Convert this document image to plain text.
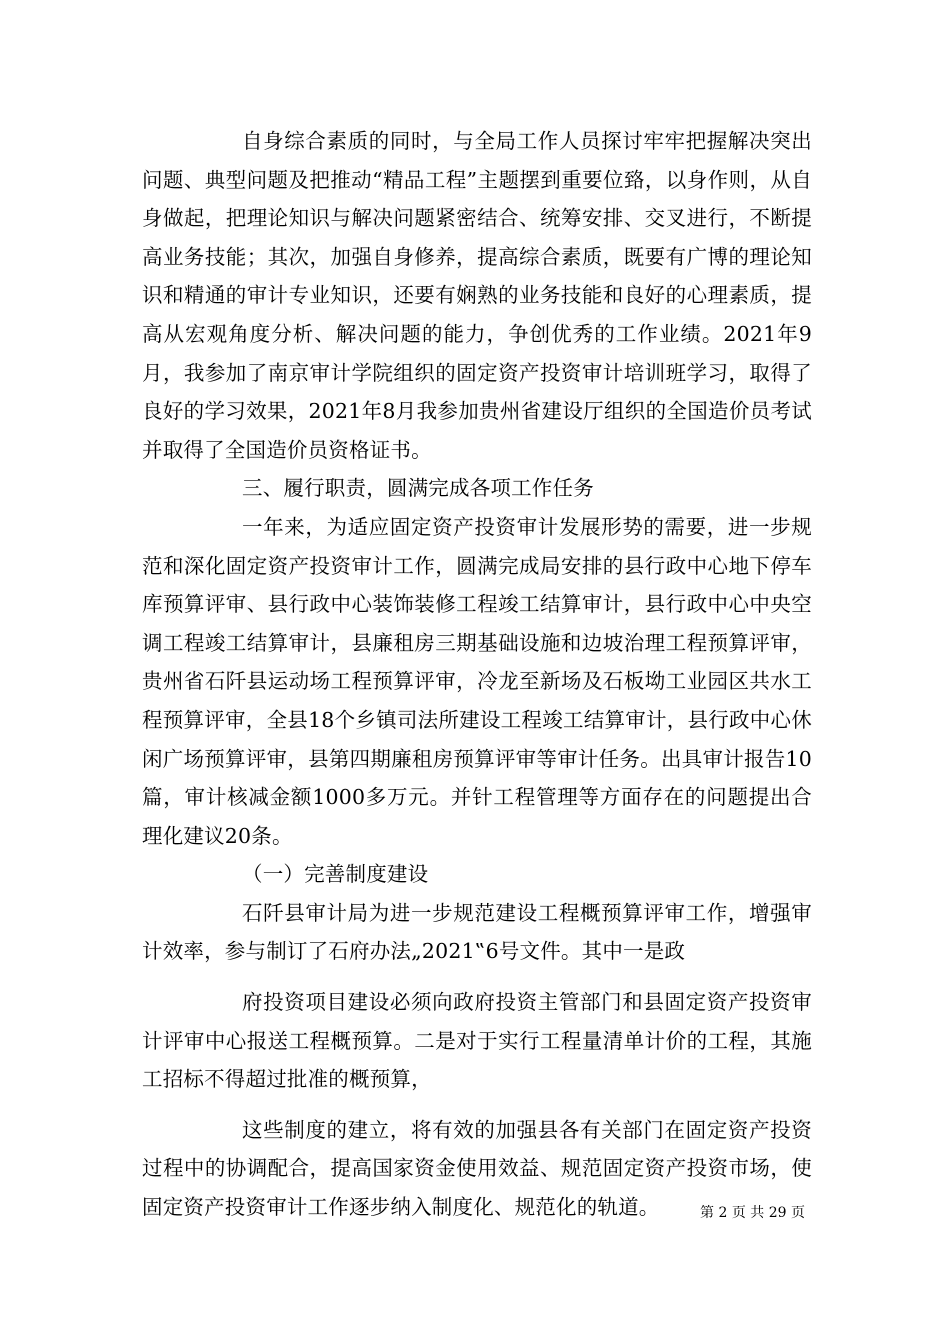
自身综合素质的同时，与全局工作人员探讨牢牢把握解决突出问题、典型问题及把推动“精品工程”主题摆到重要位臵，以身作则，从自身做起，把理论知识与解决问题紧密结合、统筹安排、交叉进行，不断提高业务技能；其次，加强自身修养，提高综合素质，既要有广博的理论知识和精通的审计专业知识，还要有娴熟的业务技能和良好的心理素质，提高从宏观角度分析、解决问题的能力，争创优秀的工作业绩。2021年9月，我参加了南京审计学院组织的固定资产投资审计培训班学习，取得了良好的学习效果，2021年8月我参加贵州省建设厅组织的全国造价员考试并取得了全国造价员资格证书。

三、履行职责，圆满完成各项工作任务

一年来，为适应固定资产投资审计发展形势的需要，进一步规范和深化固定资产投资审计工作，圆满完成局安排的县行政中心地下停车库预算评审、县行政中心装饰装修工程竣工结算审计，县行政中心中央空调工程竣工结算审计，县廉租房三期基础设施和边坡治理工程预算评审，贵州省石阡县运动场工程预算评审，冷龙至新场及石板坳工业园区共水工程预算评审，全县18个乡镇司法所建设工程竣工结算审计，县行政中心休闲广场预算评审，县第四期廉租房预算评审等审计任务。出具审计报告10篇，审计核减金额1000多万元。并针工程管理等方面存在的问题提出合理化建议20条。

（一）完善制度建设

石阡县审计局为进一步规范建设工程概预算评审工作，增强审计效率，参与制订了石府办法„2021‟6号文件。其中一是政

府投资项目建设必须向政府投资主管部门和县固定资产投资审计评审中心报送工程概预算。二是对于实行工程量清单计价的工程，其施工招标不得超过批准的概预算，

这些制度的建立，将有效的加强县各有关部门在固定资产投资过程中的协调配合，提高国家资金使用效益、规范固定资产投资市场，使固定资产投资审计工作逐步纳入制度化、规范化的轨道。	第 2 页 共 29 页
